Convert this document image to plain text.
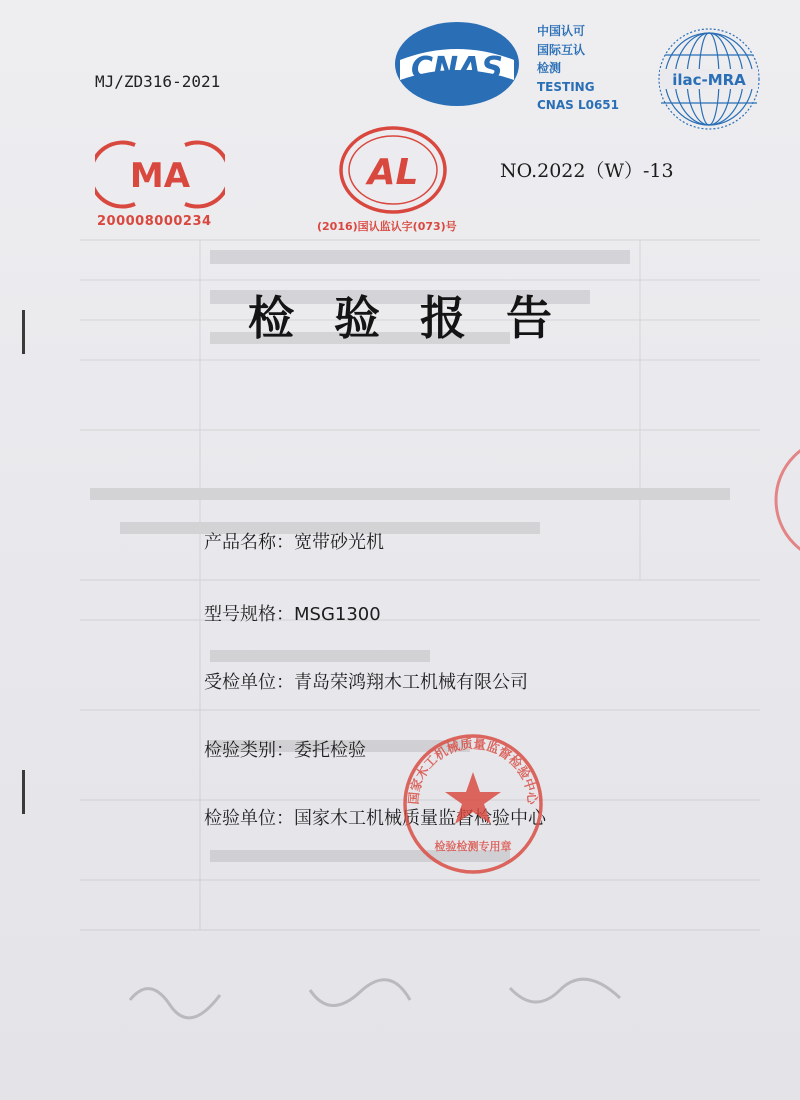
MJ/ZD316-2021	CNAS
中国认可
国际互认
检测
TESTING
CNAS L0651
ilac-MRA
MA
200008000234
AL
(2016)国认监认字(073)号
NO.2022（W）-13
检验报告
产品名称：宽带砂光机
型号规格：MSG1300
受检单位：青岛荣鸿翔木工机械有限公司
检验类别：委托检验
检验单位：国家木工机械质量监督检验中心
国家木工机械质量监督检验中心
检验检测专用章
